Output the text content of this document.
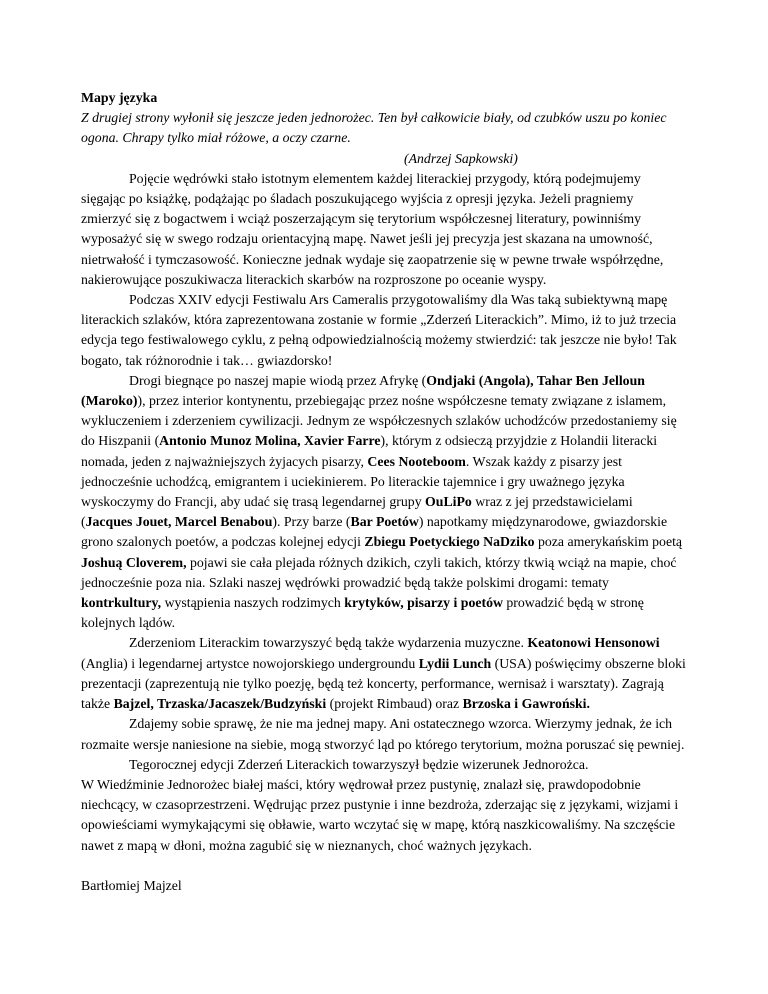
Mapy języka

Z drugiej strony wyłonił się jeszcze jeden jednorożec. Ten był całkowicie biały, od czubków uszu po koniec ogona. Chrapy tylko miał różowe, a oczy czarne.

(Andrzej Sapkowski)

Pojęcie wędrówki stało istotnym elementem każdej literackiej przygody, którą podejmujemy sięgając po książkę, podążając po śladach poszukującego wyjścia z opresji języka. Jeżeli pragniemy zmierzyć się z bogactwem i wciąż poszerzającym się terytorium współczesnej literatury, powinniśmy wyposażyć się w swego rodzaju orientacyjną mapę. Nawet jeśli jej precyzja jest skazana na umowność, nietrwałość i tymczasowość. Konieczne jednak wydaje się zaopatrzenie się w pewne trwałe współrzędne, nakierowujące poszukiwacza literackich skarbów na rozproszone po oceanie wyspy.

Podczas XXIV edycji Festiwalu Ars Cameralis przygotowaliśmy dla Was taką subiektywną mapę literackich szlaków, która zaprezentowana zostanie w formie „Zderzeń Literackich”. Mimo, iż to już trzecia edycja tego festiwalowego cyklu, z pełną odpowiedzialnością możemy stwierdzić: tak jeszcze nie było! Tak bogato, tak różnorodnie i tak… gwiazdorsko!

Drogi biegnące po naszej mapie wiodą przez Afrykę (Ondjaki (Angola), Tahar Ben Jelloun (Maroko)), przez interior kontynentu, przebiegając przez nośne współczesne tematy związane z islamem, wykluczeniem i zderzeniem cywilizacji. Jednym ze współczesnych szlaków uchodźców przedostaniemy się do Hiszpanii (Antonio Munoz Molina, Xavier Farre), którym z odsieczą przyjdzie z Holandii literacki nomada, jeden z najważniejszych żyjacych pisarzy, Cees Nooteboom. Wszak każdy z pisarzy jest jednocześnie uchodźcą, emigrantem i uciekinierem. Po literackie tajemnice i gry uważnego języka wyskoczymy do Francji, aby udać się trasą legendarnej grupy OuLiPo wraz z jej przedstawicielami (Jacques Jouet, Marcel Benabou). Przy barze (Bar Poetów) napotkamy międzynarodowe, gwiazdorskie grono szalonych poetów, a podczas kolejnej edycji Zbiegu Poetyckiego NaDziko poza amerykańskim poetą Joshuą Cloverem, pojawi sie cała plejada różnych dzikich, czyli takich, którzy tkwią wciąż na mapie, choć jednocześnie poza nia. Szlaki naszej wędrówki prowadzić będą także polskimi drogami: tematy kontrkultury, wystąpienia naszych rodzimych krytyków, pisarzy i poetów prowadzić będą w stronę kolejnych lądów.

Zderzeniom Literackim towarzyszyć będą także wydarzenia muzyczne. Keatonowi Hensonowi (Anglia) i legendarnej artystce nowojorskiego undergroundu Lydii Lunch (USA) poświęcimy obszerne bloki prezentacji (zaprezentują nie tylko poezję, będą też koncerty, performance, wernisaż i warsztaty). Zagrają także Bajzel, Trzaska/Jacaszek/Budzyński (projekt Rimbaud) oraz Brzoska i Gawroński.

Zdajemy sobie sprawę, że nie ma jednej mapy. Ani ostatecznego wzorca. Wierzymy jednak, że ich rozmaite wersje naniesione na siebie, mogą stworzyć ląd po którego terytorium, można poruszać się pewniej.

Tegorocznej edycji Zderzeń Literackich towarzyszył będzie wizerunek Jednorożca.

W Wiedźminie Jednorożec białej maści, który wędrował przez pustynię, znalazł się, prawdopodobnie niechcący, w czasoprzestrzeni. Wędrując przez pustynie i inne bezdroża, zderzając się z językami, wizjami i opowieściami wymykającymi się obławie, warto wczytać się w mapę, którą naszkicowaliśmy. Na szczęście nawet z mapą w dłoni, można zagubić się w nieznanych, choć ważnych językach.

Bartłomiej Majzel
